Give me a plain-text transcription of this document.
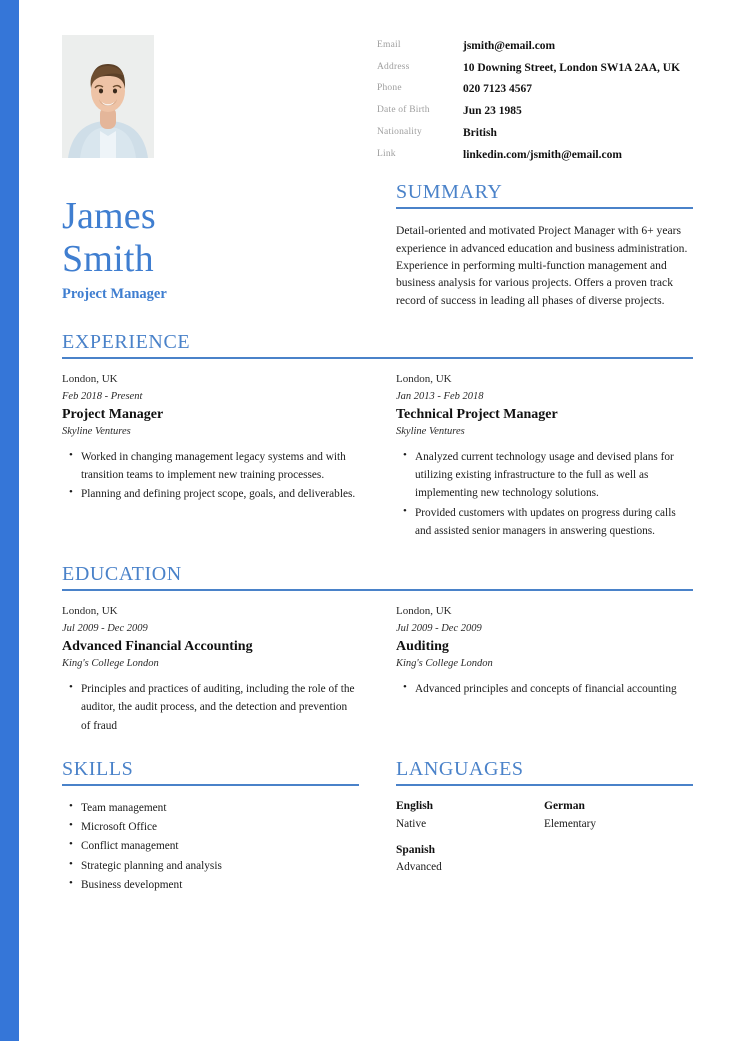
Email	jsmith@email.com
Address	10 Downing Street, London SW1A 2AA, UK
Phone	020 7123 4567
Date of Birth	Jun 23 1985
Nationality	British
Link	linkedin.com/jsmith@email.com
James
Smith
Project Manager
SUMMARY
Detail-oriented and motivated Project Manager with 6+ years experience in advanced education and business administration. Experience in performing multi-function management and business analysis for various projects. Offers a proven track record of success in leading all phases of diverse projects.
EXPERIENCE
London, UK
Feb 2018 - Present
Project Manager
Skyline Ventures
• Worked in changing management legacy systems and with transition teams to implement new training processes.
• Planning and defining project scope, goals, and deliverables.
London, UK
Jan 2013 - Feb 2018
Technical Project Manager
Skyline Ventures
• Analyzed current technology usage and devised plans for utilizing existing infrastructure to the full as well as implementing new technology solutions.
• Provided customers with updates on progress during calls and assisted senior managers in answering questions.
EDUCATION
London, UK
Jul 2009 - Dec 2009
Advanced Financial Accounting
King's College London
• Principles and practices of auditing, including the role of the auditor, the audit process, and the detection and prevention of fraud
London, UK
Jul 2009 - Dec 2009
Auditing
King's College London
• Advanced principles and concepts of financial accounting
SKILLS
• Team management
• Microsoft Office
• Conflict management
• Strategic planning and analysis
• Business development
LANGUAGES
English
Native
German
Elementary
Spanish
Advanced
